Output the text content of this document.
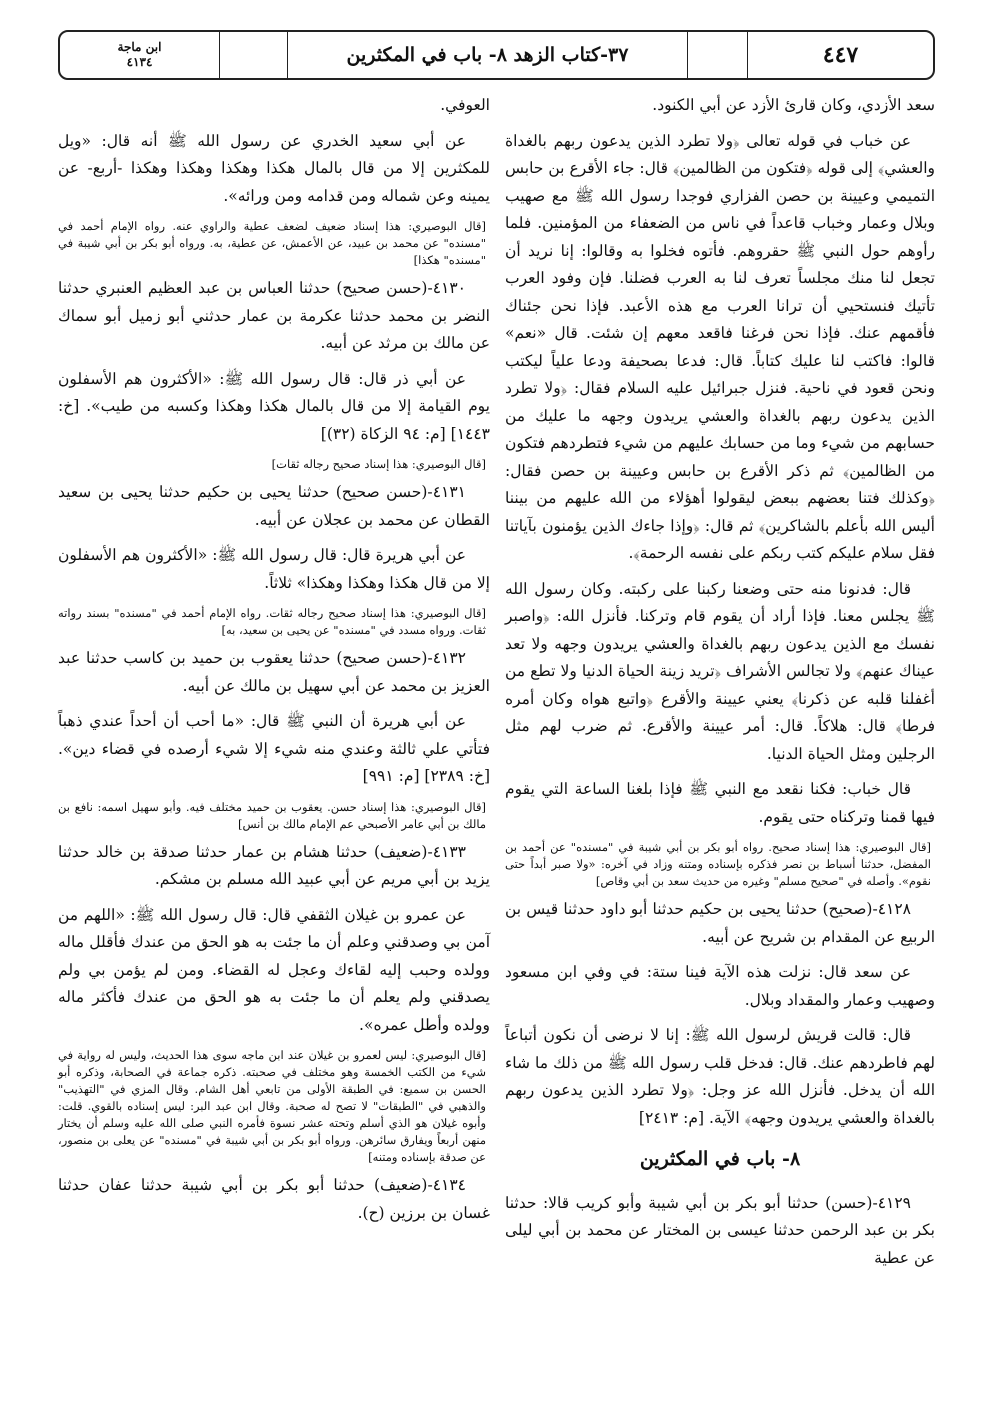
٤٤٧
٣٧-كتاب الزهد ٨- باب في المكثرين
ابن ماجة
٤١٣٤

سعد الأزدي، وكان قارئ الأزد عن أبي الكنود.

عن خباب في قوله تعالى ﴿ولا تطرد الذين يدعون ربهم بالغداة والعشي﴾ إلى قوله ﴿فتكون من الظالمين﴾ قال: جاء الأقرع بن حابس التميمي وعيينة بن حصن الفزاري فوجدا رسول الله ﷺ مع صهيب وبلال وعمار وخباب قاعداً في ناس من الضعفاء من المؤمنين. فلما رأوهم حول النبي ﷺ حقروهم. فأتوه فخلوا به وقالوا: إنا نريد أن تجعل لنا منك مجلساً تعرف لنا به العرب فضلنا. فإن وفود العرب تأتيك فنستحيي أن ترانا العرب مع هذه الأعبد. فإذا نحن جئناك فأقمهم عنك. فإذا نحن فرغنا فاقعد معهم إن شئت. قال «نعم» قالوا: فاكتب لنا عليك كتاباً. قال: فدعا بصحيفة ودعا علياً ليكتب ونحن قعود في ناحية. فنزل جبرائيل عليه السلام فقال: ﴿ولا تطرد الذين يدعون ربهم بالغداة والعشي يريدون وجهه ما عليك من حسابهم من شيء وما من حسابك عليهم من شيء فتطردهم فتكون من الظالمين﴾ ثم ذكر الأقرع بن حابس وعيينة بن حصن فقال: ﴿وكذلك فتنا بعضهم ببعض ليقولوا أهؤلاء من الله عليهم من بيننا أليس الله بأعلم بالشاكرين﴾ ثم قال: ﴿وإذا جاءك الذين يؤمنون بآياتنا فقل سلام عليكم كتب ربكم على نفسه الرحمة﴾.

قال: فدنونا منه حتى وضعنا ركبنا على ركبته. وكان رسول الله ﷺ يجلس معنا. فإذا أراد أن يقوم قام وتركنا. فأنزل الله: ﴿واصبر نفسك مع الذين يدعون ربهم بالغداة والعشي يريدون وجهه ولا تعد عيناك عنهم﴾ ولا تجالس الأشراف ﴿تريد زينة الحياة الدنيا ولا تطع من أغفلنا قلبه عن ذكرنا﴾ يعني عيينة والأقرع ﴿واتبع هواه وكان أمره فرطا﴾ قال: هلاكاً. قال: أمر عيينة والأقرع. ثم ضرب لهم مثل الرجلين ومثل الحياة الدنيا.

قال خباب: فكنا نقعد مع النبي ﷺ فإذا بلغنا الساعة التي يقوم فيها قمنا وتركناه حتى يقوم.

[قال البوصيري: هذا إسناد صحيح. رواه أبو بكر بن أبي شيبة في "مسنده" عن أحمد بن المفضل، حدثنا أسباط بن نصر فذكره بإسناده ومتنه وزاد في آخره: «ولا صبر أبداً حتى نقوم». وأصله في "صحيح مسلم" وغيره من حديث سعد بن أبي وقاص]

٤١٢٨-(صحيح) حدثنا يحيى بن حكيم حدثنا أبو داود حدثنا قيس بن الربيع عن المقدام بن شريح عن أبيه.

عن سعد قال: نزلت هذه الآية فينا ستة: في وفي ابن مسعود وصهيب وعمار والمقداد وبلال.

قال: قالت قريش لرسول الله ﷺ: إنا لا نرضى أن نكون أتباعاً لهم فاطردهم عنك. قال: فدخل قلب رسول الله ﷺ من ذلك ما شاء الله أن يدخل. فأنزل الله عز وجل: ﴿ولا تطرد الذين يدعون ربهم بالغداة والعشي يريدون وجهه﴾ الآية. [م: ٢٤١٣]

٨- باب في المكثرين

٤١٢٩-(حسن) حدثنا أبو بكر بن أبي شيبة وأبو كريب قالا: حدثنا بكر بن عبد الرحمن حدثنا عيسى بن المختار عن محمد بن أبي ليلى عن عطية

العوفي.

عن أبي سعيد الخدري عن رسول الله ﷺ أنه قال: «ويل للمكثرين إلا من قال بالمال هكذا وهكذا وهكذا وهكذا -أربع- عن يمينه وعن شماله ومن قدامه ومن ورائه».

[قال البوصيري: هذا إسناد ضعيف لضعف عطية والراوي عنه. رواه الإمام أحمد في "مسنده" عن محمد بن عبيد، عن الأعمش، عن عطية، به. ورواه أبو بكر بن أبي شيبة في "مسنده" هكذا]

٤١٣٠-(حسن صحيح) حدثنا العباس بن عبد العظيم العنبري حدثنا النضر بن محمد حدثنا عكرمة بن عمار حدثني أبو زميل أبو سماك عن مالك بن مرثد عن أبيه.

عن أبي ذر قال: قال رسول الله ﷺ: «الأكثرون هم الأسفلون يوم القيامة إلا من قال بالمال هكذا وهكذا وكسبه من طيب». [خ: ١٤٤٣] [م: ٩٤ الزكاة (٣٢)]

[قال البوصيري: هذا إسناد صحيح رجاله ثقات]

٤١٣١-(حسن صحيح) حدثنا يحيى بن حكيم حدثنا يحيى بن سعيد القطان عن محمد بن عجلان عن أبيه.

عن أبي هريرة قال: قال رسول الله ﷺ: «الأكثرون هم الأسفلون إلا من قال هكذا وهكذا وهكذا» ثلاثاً.

[قال البوصيري: هذا إسناد صحيح رجاله ثقات. رواه الإمام أحمد في "مسنده" بسند رواته ثقات. ورواه مسدد في "مسنده" عن يحيى بن سعيد، به]

٤١٣٢-(حسن صحيح) حدثنا يعقوب بن حميد بن كاسب حدثنا عبد العزيز بن محمد عن أبي سهيل بن مالك عن أبيه.

عن أبي هريرة أن النبي ﷺ قال: «ما أحب أن أحداً عندي ذهباً فتأتي علي ثالثة وعندي منه شيء إلا شيء أرصده في قضاء دين». [خ: ٢٣٨٩] [م: ٩٩١]

[قال البوصيري: هذا إسناد حسن. يعقوب بن حميد مختلف فيه. وأبو سهيل اسمه: نافع بن مالك بن أبي عامر الأصبحي عم الإمام مالك بن أنس]

٤١٣٣-(ضعيف) حدثنا هشام بن عمار حدثنا صدقة بن خالد حدثنا يزيد بن أبي مريم عن أبي عبيد الله مسلم بن مشكم.

عن عمرو بن غيلان الثقفي قال: قال رسول الله ﷺ: «اللهم من آمن بي وصدقني وعلم أن ما جئت به هو الحق من عندك فأقلل ماله وولده وحبب إليه لقاءك وعجل له القضاء. ومن لم يؤمن بي ولم يصدقني ولم يعلم أن ما جئت به هو الحق من عندك فأكثر ماله وولده وأطل عمره».

[قال البوصيري: ليس لعمرو بن غيلان عند ابن ماجه سوى هذا الحديث، وليس له رواية في شيء من الكتب الخمسة وهو مختلف في صحبته. ذكره جماعة في الصحابة، وذكره أبو الحسن بن سميع: في الطبقة الأولى من تابعي أهل الشام. وقال المزي في "التهذيب" والذهبي في "الطبقات" لا تصح له صحبة. وقال ابن عبد البر: ليس إسناده بالقوي. قلت: وأبوه غيلان هو الذي أسلم وتحته عشر نسوة فأمره النبي صلى الله عليه وسلم أن يختار منهن أربعاً ويفارق سائرهن. ورواه أبو بكر بن أبي شيبة في "مسنده" عن يعلى بن منصور، عن صدقة بإسناده ومتنه]

٤١٣٤-(ضعيف) حدثنا أبو بكر بن أبي شيبة حدثنا عفان حدثنا غسان بن برزين (ح).
